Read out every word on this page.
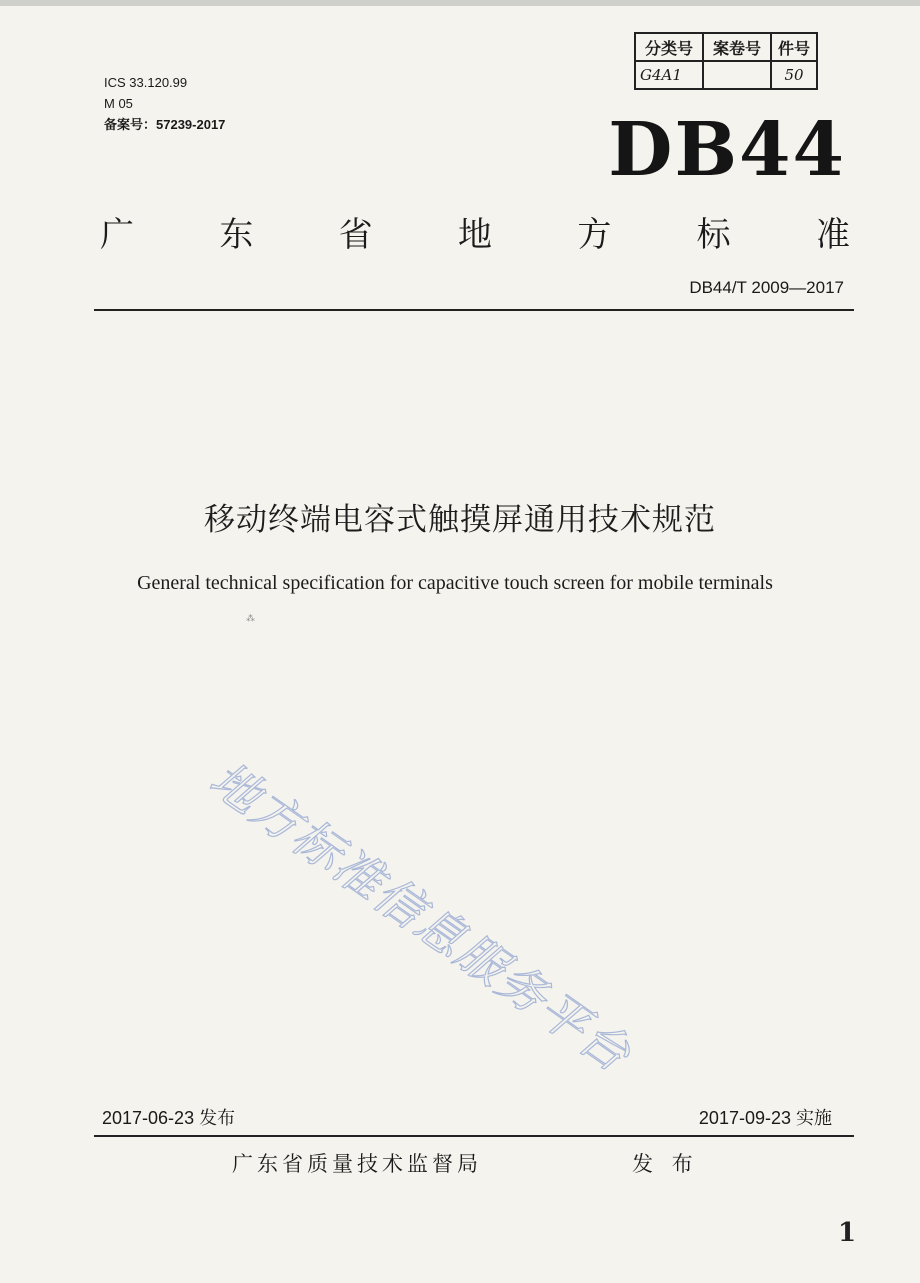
ICS 33.120.99
M 05
备案号：57239-2017
分类号	案卷号	件号
G4A1		50
DB44
广	东	省	地	方	标	准
DB44/T 2009—2017
移动终端电容式触摸屏通用技术规范
General technical specification for capacitive touch screen for mobile terminals
⁂
地方标准信息服务平台
2017-06-23 发布	2017-09-23 实施
广东省质量技术监督局	发 布
1
